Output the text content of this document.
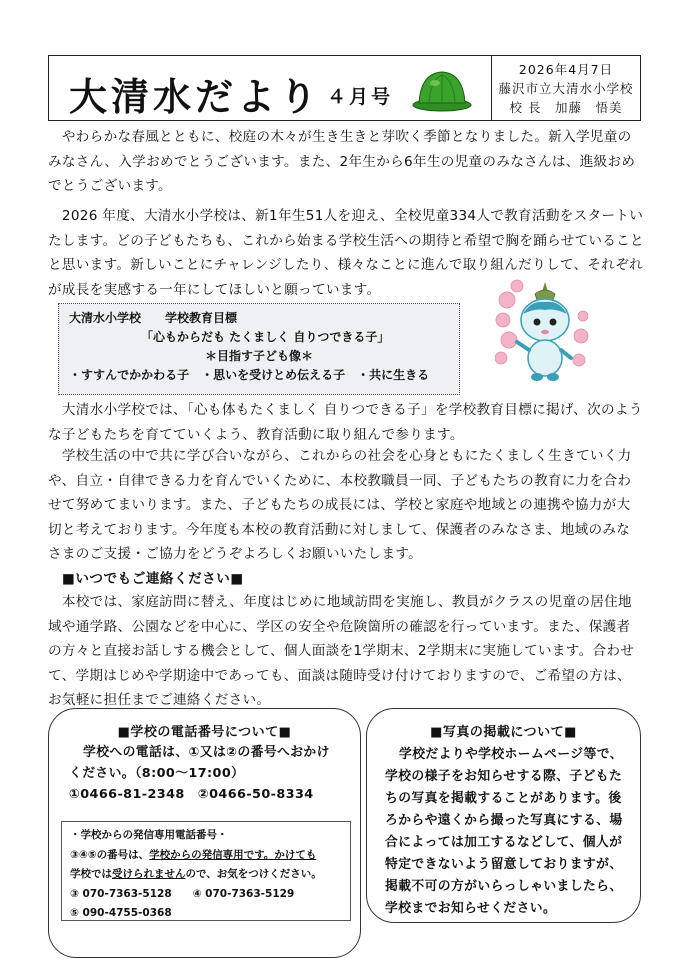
大清水だより ４月号
2026年4月7日
藤沢市立大清水小学校
校 長　加藤　悟美
　やわらかな春風とともに、校庭の木々が生き生きと芽吹く季節となりました。新入学児童のみなさん、入学おめでとうございます。また、2年生から6年生の児童のみなさんは、進級おめでとうございます。
　2026 年度、大清水小学校は、新1年生51人を迎え、全校児童334人で教育活動をスタートいたします。どの子どもたちも、これから始まる学校生活への期待と希望で胸を踊らせていることと思います。新しいことにチャレンジしたり、様々なことに進んで取り組んだりして、それぞれが成長を実感する一年にしてほしいと願っています。
大清水小学校　　学校教育目標
「心もからだも たくましく 自りつできる子」
＊目指す子ども像＊
・すすんでかかわる子　・思いを受けとめ伝える子　・共に生きる
　大清水小学校では、「心も体もたくましく 自りつできる子」を学校教育目標に掲げ、次のような子どもたちを育てていくよう、教育活動に取り組んで参ります。
　学校生活の中で共に学び合いながら、これからの社会を心身ともにたくましく生きていく力や、自立・自律できる力を育んでいくために、本校教職員一同、子どもたちの教育に力を合わせて努めてまいります。また、子どもたちの成長には、学校と家庭や地域との連携や協力が大切と考えております。今年度も本校の教育活動に対しまして、保護者のみなさま、地域のみなさまのご支援・ご協力をどうぞよろしくお願いいたします。
■いつでもご連絡ください■
　本校では、家庭訪問に替え、年度はじめに地域訪問を実施し、教員がクラスの児童の居住地域や通学路、公園などを中心に、学区の安全や危険箇所の確認を行っています。また、保護者の方々と直接お話しする機会として、個人面談を1学期末、2学期末に実施しています。合わせて、学期はじめや学期途中であっても、面談は随時受け付けておりますので、ご希望の方は、お気軽に担任までご連絡ください。
■学校の電話番号について■
学校への電話は、①又は②の番号へおかけ
ください。（8:00～17:00）
①0466-81-2348　②0466-50-8334
・学校からの発信専用電話番号・
③④⑤の番号は、学校からの発信専用です。かけても
学校では受けられませんので、お気をつけください。
③ 070-7363-5128　　④ 070-7363-5129
⑤ 090-4755-0368
■写真の掲載について■
学校だよりや学校ホームページ等で、
学校の様子をお知らせする際、子どもたちの写真を掲載することがあります。後ろからや遠くから撮った写真にする、場合によっては加工するなどして、個人が特定できないよう留意しておりますが、掲載不可の方がいらっしゃいましたら、学校までお知らせください。
